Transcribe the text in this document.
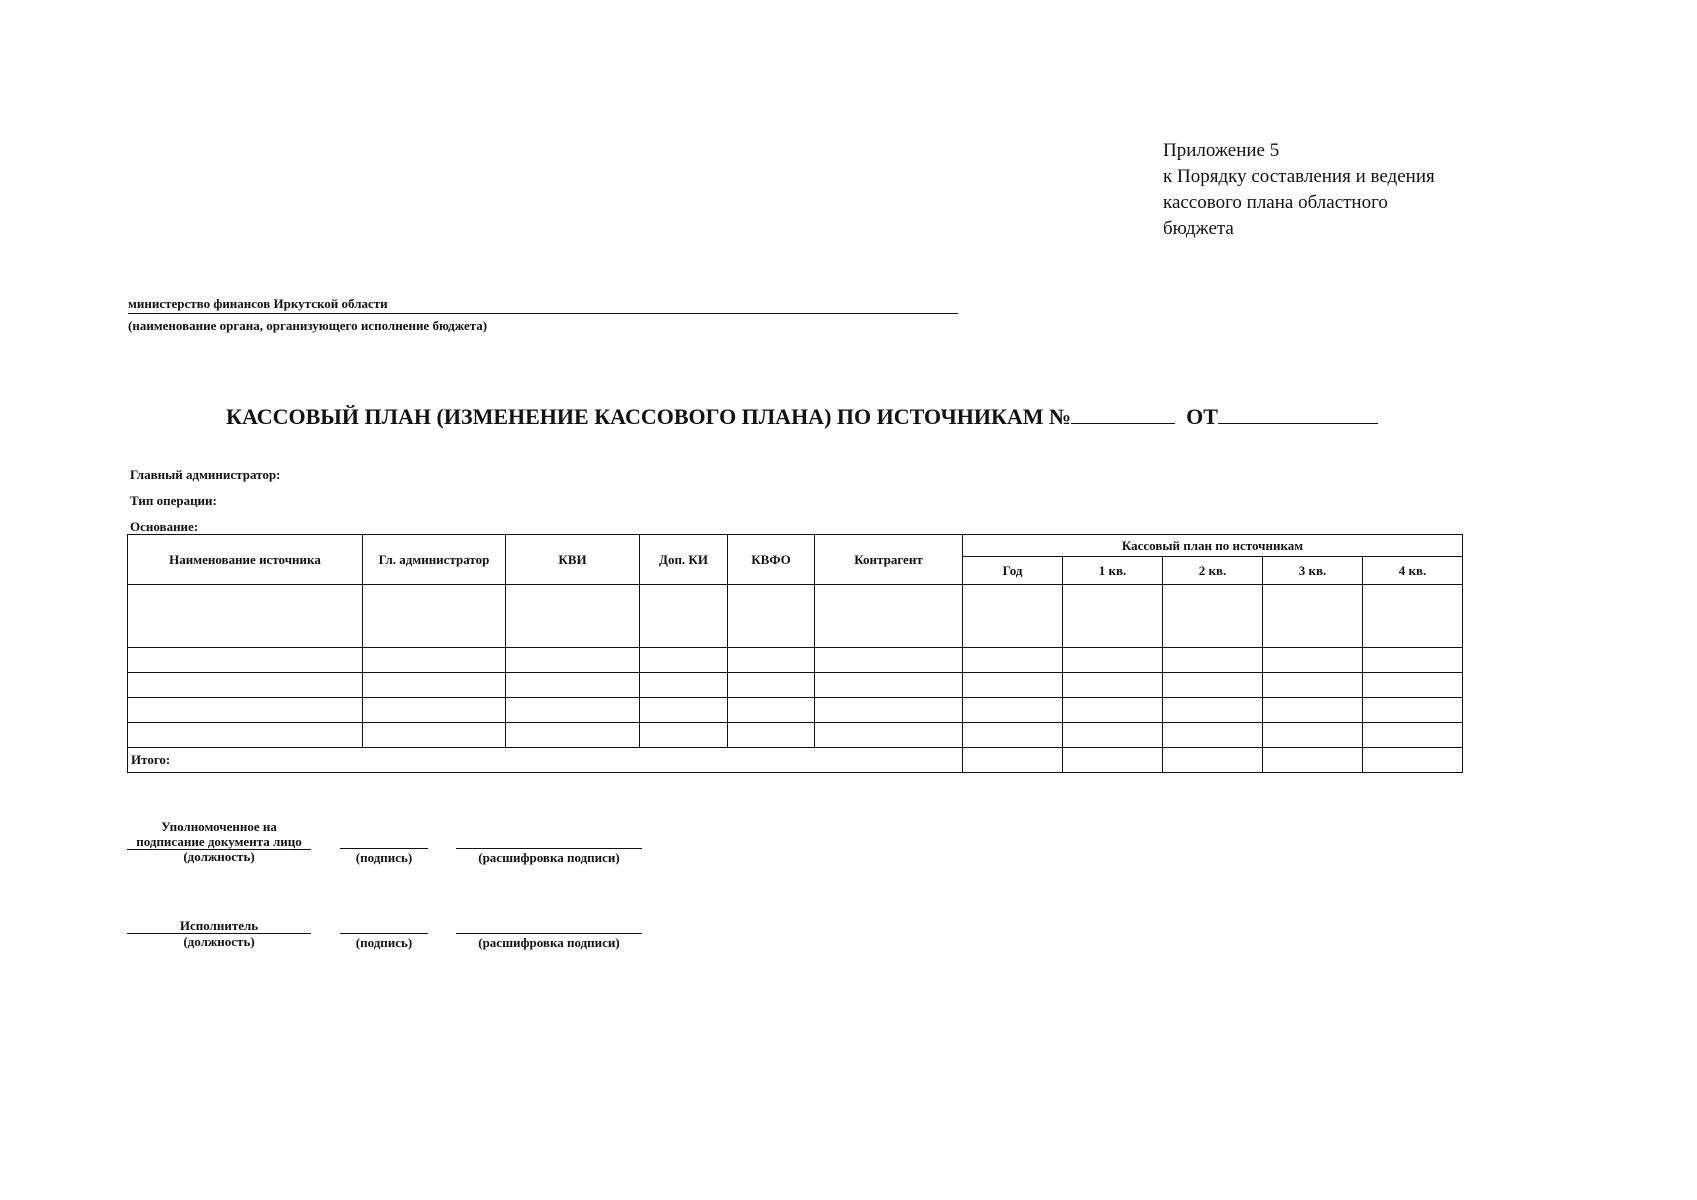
Приложение 5
к Порядку составления и ведения
кассового плана областного
бюджета
министерство финансов Иркутской области
(наименование органа, организующего исполнение бюджета)
КАССОВЫЙ ПЛАН (ИЗМЕНЕНИЕ КАССОВОГО ПЛАНА) ПО ИСТОЧНИКАМ №	ОТ
Главный администратор:
Тип операции:
Основание:
Наименование источника	Гл. администратор	КВИ	Доп. КИ	КВФО	Контрагент	Кассовый план по источникам				
						Год	1 кв.	2 кв.	3 кв.	4 кв.

Итого:										
Уполномоченное на
подписание документа лицо
(должность)	(подпись)	(расшифровка подписи)
Исполнитель
(должность)	(подпись)	(расшифровка подписи)
